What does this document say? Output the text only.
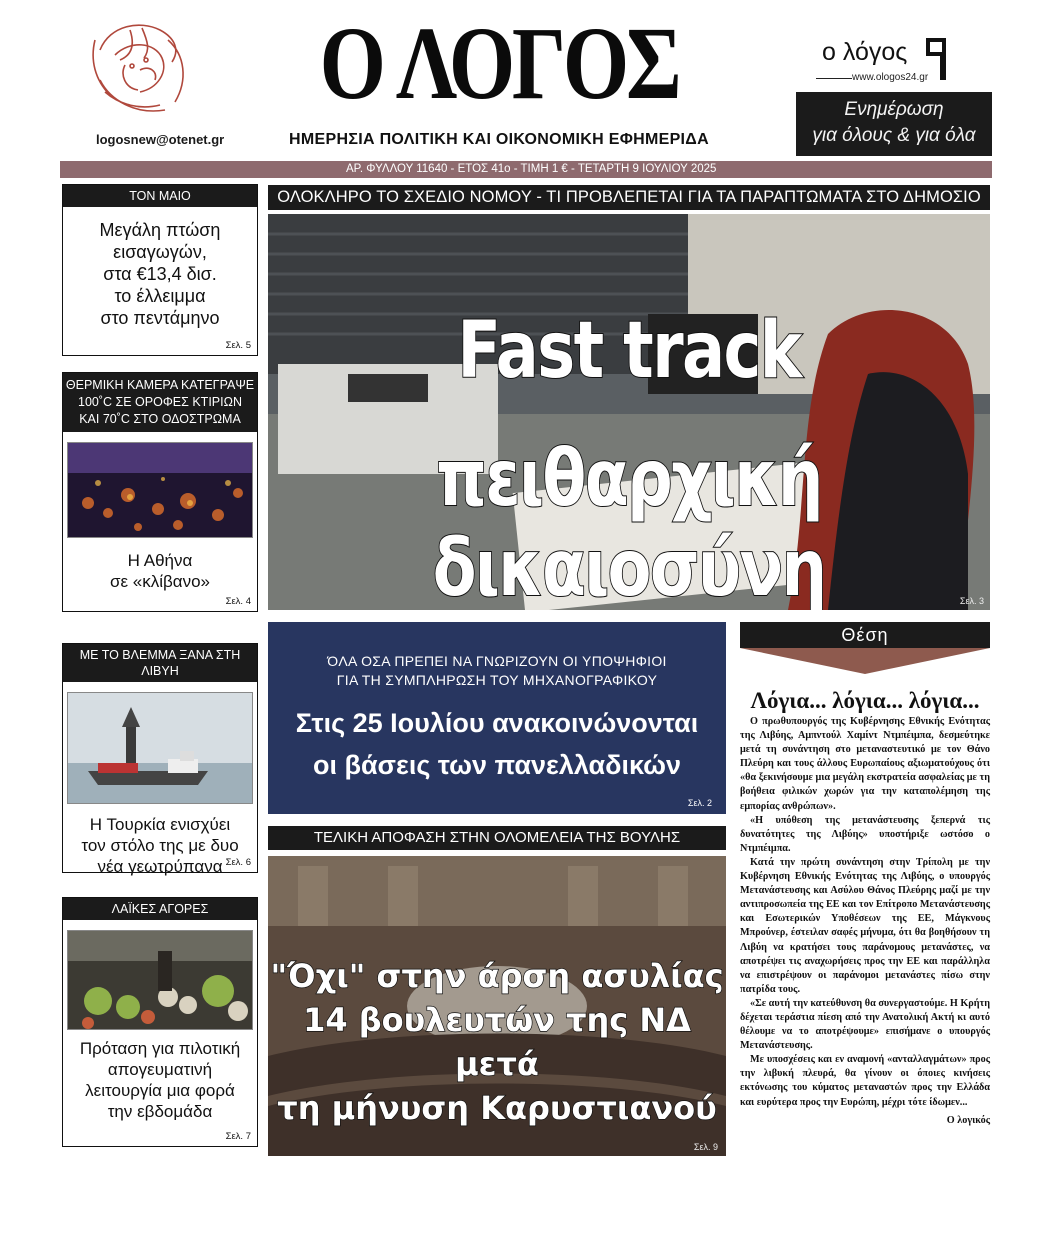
logosnew@otenet.gr
Ο ΛΟΓΟΣ
ΗΜΕΡΗΣΙΑ ΠΟΛΙΤΙΚΗ ΚΑΙ ΟΙΚΟΝΟΜΙΚΗ ΕΦΗΜΕΡΙΔΑ
ο λόγος
www.ologos24.gr
Ενημέρωση
για όλους & για όλα
ΑΡ. ΦΥΛΛΟΥ 11640 - ΕΤΟΣ 41ο - ΤΙΜΗ 1 € - ΤΕΤΑΡΤΗ 9 ΙΟΥΛΙΟΥ 2025
ΤΟΝ ΜΑΙΟ
Μεγάλη πτώση
εισαγωγών,
στα €13,4 δισ.
το έλλειμμα
στο πεντάμηνο
Σελ. 5
ΘΕΡΜΙΚΗ ΚΑΜΕΡΑ ΚΑΤΕΓΡΑΨΕ
100˚C ΣΕ ΟΡΟΦΕΣ ΚΤΙΡΙΩΝ
ΚΑΙ 70˚C ΣΤΟ ΟΔΟΣΤΡΩΜΑ
Η Αθήνα
σε «κλίβανο»
Σελ. 4
ΜΕ ΤΟ ΒΛΕΜΜΑ ΞΑΝΑ ΣΤΗ ΛΙΒΥΗ
Η Τουρκία ενισχύει
τον στόλο της με δυο
νέα γεωτρύπανα Σελ. 6
ΛΑΪΚΕΣ ΑΓΟΡΕΣ
Πρόταση για πιλοτική
απογευματινή
λειτουργία μια φορά
την εβδομάδα
Σελ. 7
ΟΛΟΚΛΗΡΟ ΤΟ ΣΧΕΔΙΟ ΝΟΜΟΥ - ΤΙ ΠΡΟΒΛΕΠΕΤΑΙ ΓΙΑ ΤΑ ΠΑΡΑΠΤΩΜΑΤΑ ΣΤΟ ΔΗΜΟΣΙΟ
Fast track
πειθαρχική δικαιοσύνη	Σελ. 3
ΌΛΑ ΟΣΑ ΠΡΕΠΕΙ ΝΑ ΓΝΩΡΙΖΟΥΝ ΟΙ ΥΠΟΨΗΦΙΟΙ
ΓΙΑ ΤΗ ΣΥΜΠΛΗΡΩΣΗ ΤΟΥ ΜΗΧΑΝΟΓΡΑΦΙΚΟΥ
Στις 25 Ιουλίου ανακοινώνονται
οι βάσεις των πανελλαδικών
Σελ. 2
ΤΕΛΙΚΗ ΑΠΟΦΑΣΗ ΣΤΗΝ ΟΛΟΜΕΛΕΙΑ ΤΗΣ ΒΟΥΛΗΣ
"Όχι" στην άρση ασυλίας
14 βουλευτών της ΝΔ μετά
τη μήνυση Καρυστιανού
Σελ. 9
Θέση
Λόγια... λόγια... λόγια...

Ο πρωθυπουργός της Κυβέρνησης Εθνικής Ενότητας της Λιβύης, Αμπντούλ Χαμίντ Ντμπέιμπα, δεσμεύτηκε μετά τη συνάντηση στο μεταναστευτικό με τον Θάνο Πλεύρη και τους άλλους Ευρωπαίους αξιωματούχους ότι «θα ξεκινήσουμε μια μεγάλη εκστρατεία ασφαλείας με τη βοήθεια φιλικών χωρών για την καταπολέμηση της εμπορίας ανθρώπων».

«Η υπόθεση της μετανάστευσης ξεπερνά τις δυνατότητες της Λιβύης» υποστήριξε ωστόσο ο Ντμπέιμπα.

Κατά την πρώτη συνάντηση στην Τρίπολη με την Κυβέρνηση Εθνικής Ενότητας της Λιβύης, ο υπουργός Μετανάστευσης και Ασύλου Θάνος Πλεύρης μαζί με την αντιπροσωπεία της ΕΕ και τον Επίτροπο Μετανάστευσης και Εσωτερικών Υποθέσεων της ΕΕ, Μάγκνους Μπρούνερ, έστειλαν σαφές μήνυμα, ότι θα βοηθήσουν τη Λιβύη να κρατήσει τους παράνομους μετανάστες, να αποτρέψει τις αναχωρήσεις προς την ΕΕ και παράλληλα να επιστρέψουν οι παράνομοι μετανάστες πίσω στην πατρίδα τους.

«Σε αυτή την κατεύθυνση θα συνεργαστούμε. Η Κρήτη δέχεται τεράστια πίεση από την Ανατολική Ακτή κι αυτό θέλουμε να το αποτρέψουμε» επισήμανε ο υπουργός Μετανάστευσης.

Με υποσχέσεις και εν αναμονή «ανταλλαγμάτων» προς την λιβυκή πλευρά, θα γίνουν οι όποιες κινήσεις εκτόνωσης του κύματος μεταναστών προς την Ελλάδα και ευρύτερα προς την Ευρώπη, μέχρι τότε ίδωμεν...

Ο λογικός
